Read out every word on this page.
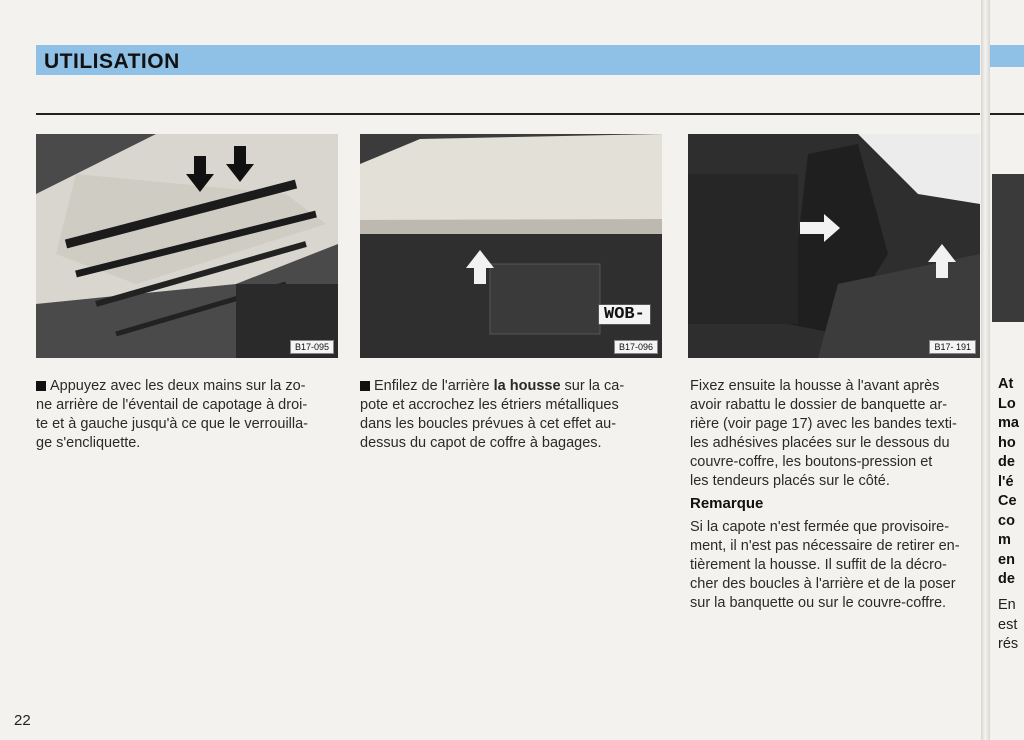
UTILISATION
B17-095	B17-096
WOB-
B17- 191

Appuyez avec les deux mains sur la zo-

ne arrière de l'éventail de capotage à droi-

te et à gauche jusqu'à ce que le verrouilla-

ge s'encliquette.

Enfilez de l'arrière la housse sur la ca-

pote et accrochez les étriers métalliques

dans les boucles prévues à cet effet au-

dessus du capot de coffre à bagages.

Fixez ensuite la housse à l'avant après

avoir rabattu le dossier de banquette ar-

rière (voir page 17) avec les bandes texti-

les adhésives placées sur le dessous du

couvre-coffre, les boutons-pression et

les tendeurs placés sur le côté.

Remarque

Si la capote n'est fermée que provisoire-

ment, il n'est pas nécessaire de retirer en-

tièrement la housse. Il suffit de la décro-

cher des boucles à l'arrière et de la poser

sur la banquette ou sur le couvre-coffre.

22
At
Lo
ma
ho
de
l'é
Ce
co
m
en
de
En
est
rés
